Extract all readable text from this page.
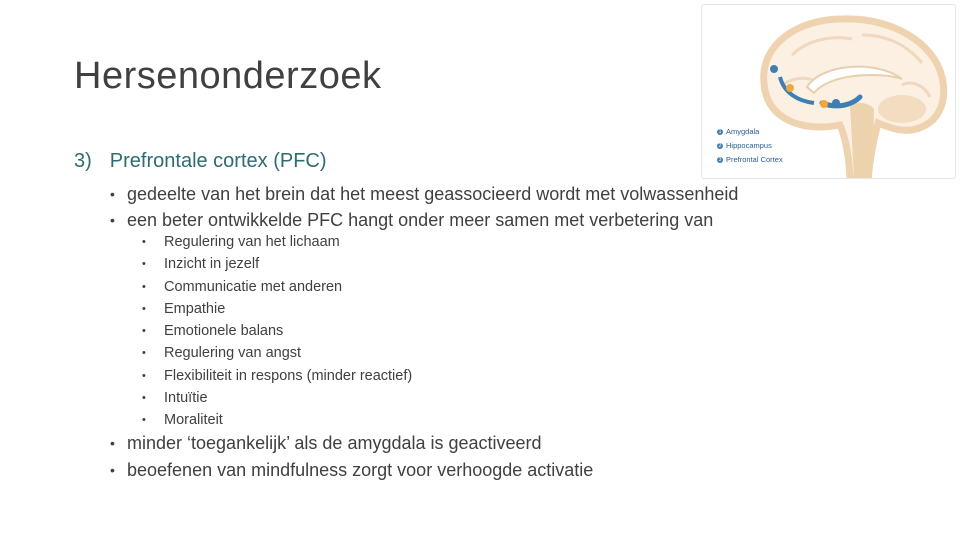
Hersenonderzoek
3) Prefrontale cortex (PFC)
• gedeelte van het brein dat het meest geassocieerd wordt met volwassenheid
• een beter ontwikkelde PFC hangt onder meer samen met verbetering van
•	Regulering van het lichaam
•	Inzicht in jezelf
•	Communicatie met anderen
•	Empathie
•	Emotionele balans
•	Regulering van angst
•	Flexibiliteit in respons (minder reactief)
•	Intuïtie
•	Moraliteit
• minder ‘toegankelijk’ als de amygdala is geactiveerd
• beoefenen van mindfulness zorgt voor verhoogde activatie
1 Amygdala
2 Hippocampus
3 Prefrontal Cortex
